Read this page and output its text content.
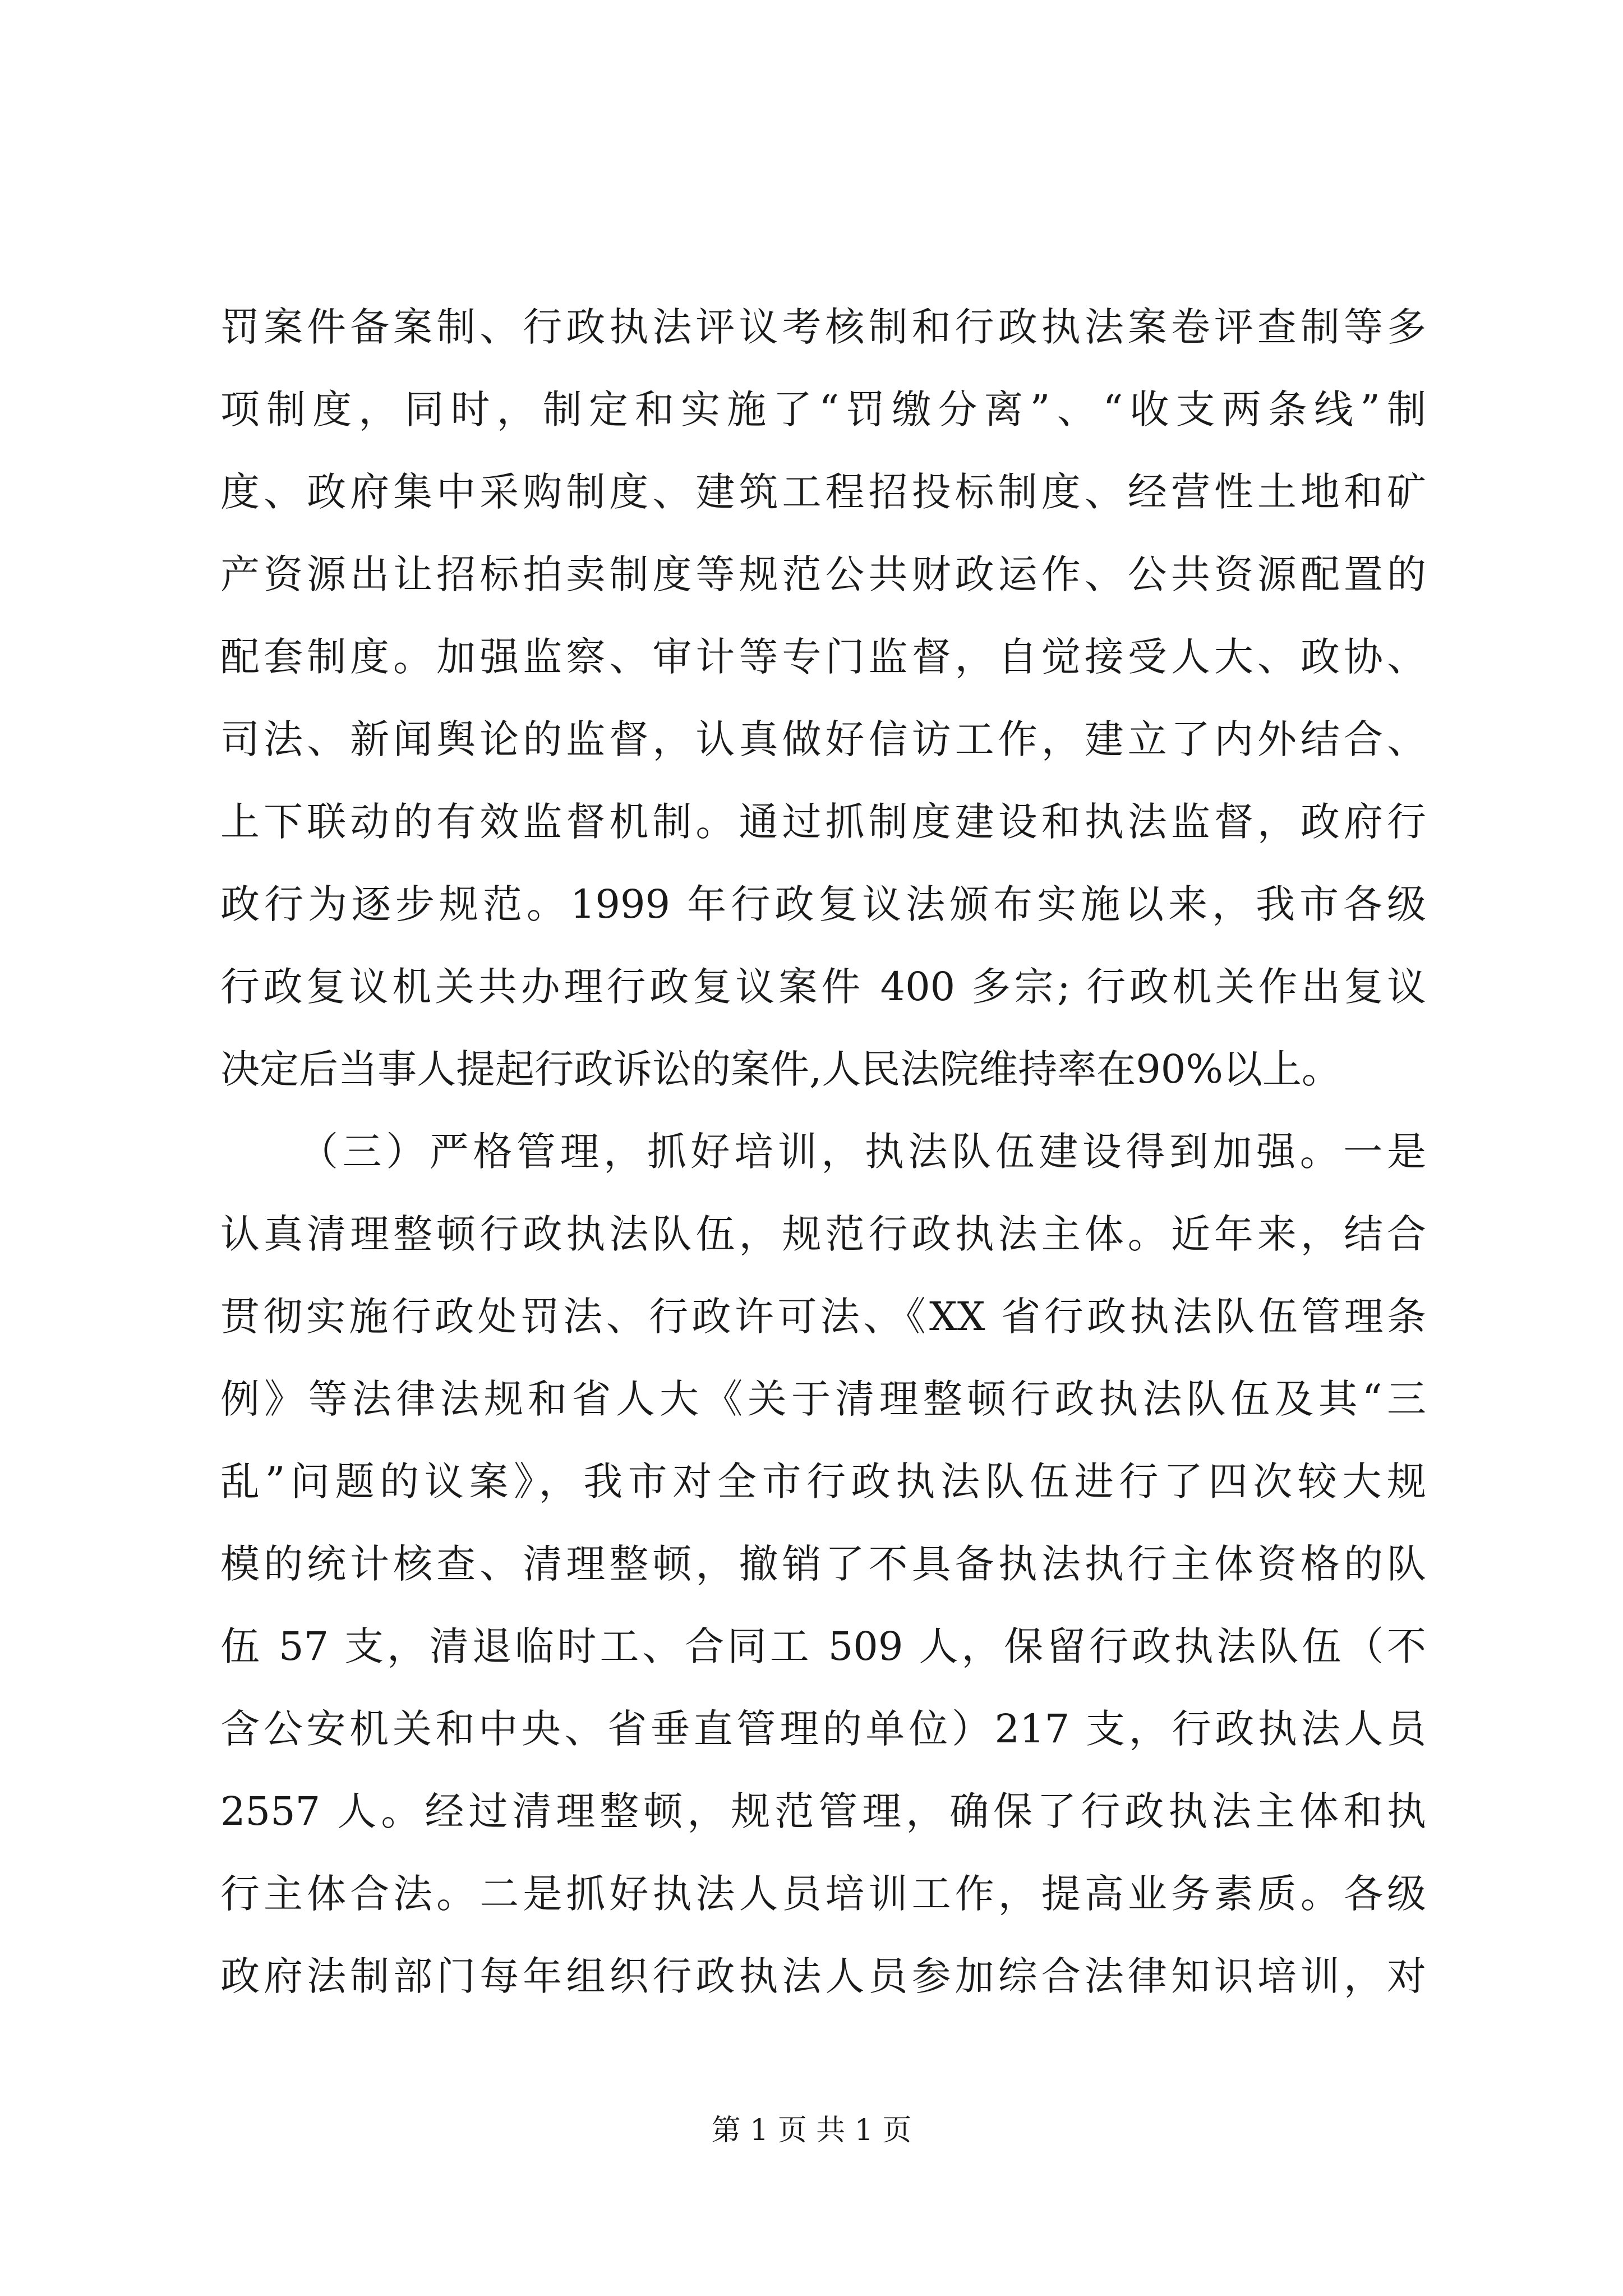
罚案件备案制、行政执法评议考核制和行政执法案卷评查制等多
项制度，同时，制定和实施了“罚缴分离”、“收支两条线”制
度、政府集中采购制度、建筑工程招投标制度、经营性土地和矿
产资源出让招标拍卖制度等规范公共财政运作、公共资源配置的
配套制度。加强监察、审计等专门监督，自觉接受人大、政协、
司法、新闻舆论的监督，认真做好信访工作，建立了内外结合、
上下联动的有效监督机制。通过抓制度建设和执法监督，政府行
政行为逐步规范。1999 年行政复议法颁布实施以来，我市各级
行政复议机关共办理行政复议案件 400 多宗; 行政机关作出复议
决定后当事人提起行政诉讼的案件,人民法院维持率在90%以上。
（三）严格管理，抓好培训，执法队伍建设得到加强。一是
认真清理整顿行政执法队伍，规范行政执法主体。近年来，结合
贯彻实施行政处罚法、行政许可法、《XX 省行政执法队伍管理条
例》等法律法规和省人大《关于清理整顿行政执法队伍及其“三
乱”问题的议案》，我市对全市行政执法队伍进行了四次较大规
模的统计核查、清理整顿，撤销了不具备执法执行主体资格的队
伍 57 支，清退临时工、合同工 509 人，保留行政执法队伍（不
含公安机关和中央、省垂直管理的单位）217 支，行政执法人员
2557 人。经过清理整顿，规范管理，确保了行政执法主体和执
行主体合法。二是抓好执法人员培训工作，提高业务素质。各级
政府法制部门每年组织行政执法人员参加综合法律知识培训，对
第 1 页 共 1 页
